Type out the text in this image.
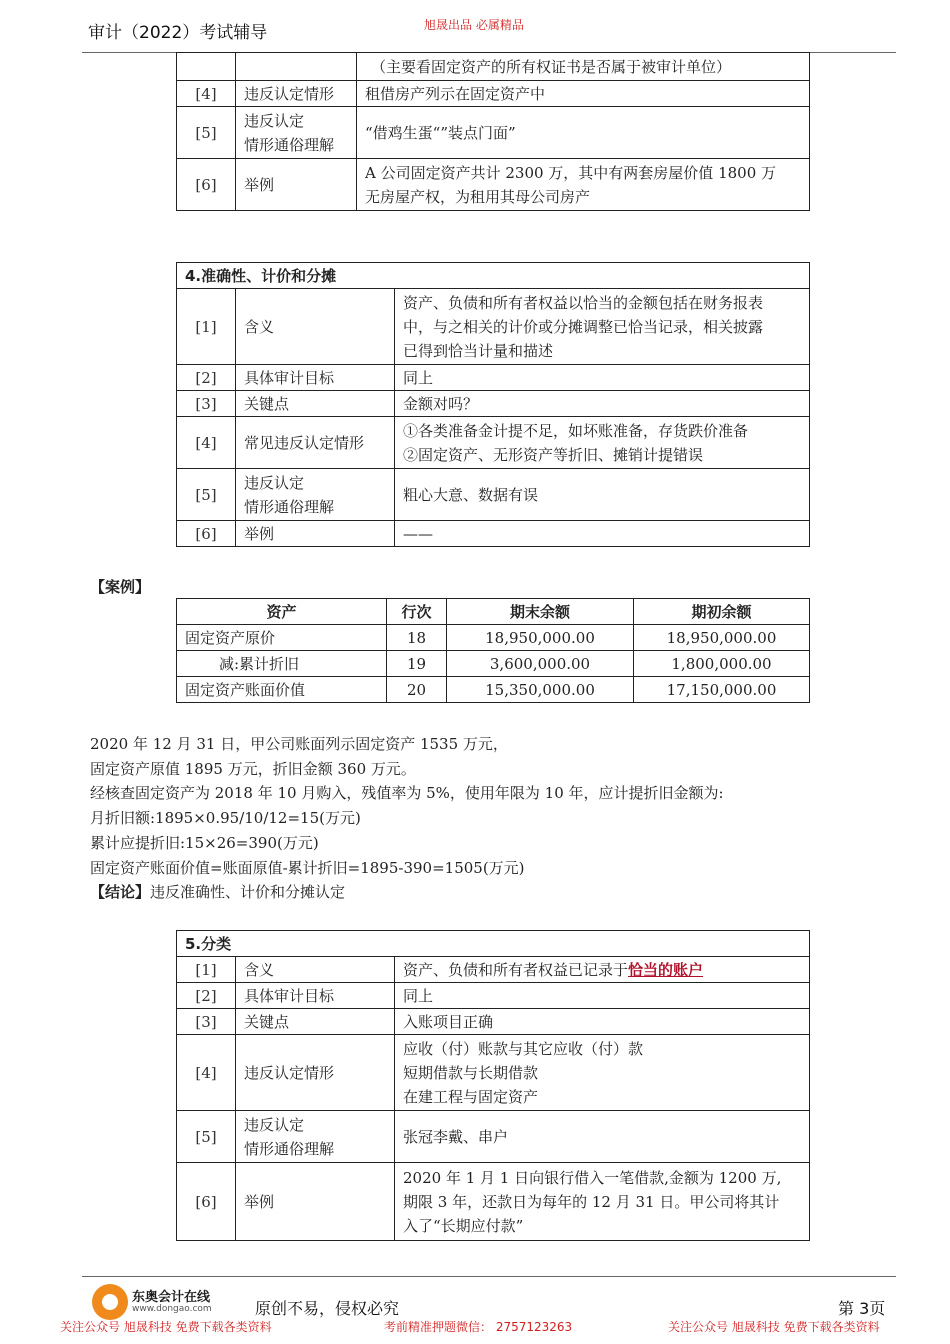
审计（2022）考试辅导	旭晟出品 必属精品

		（主要看固定资产的所有权证书是否属于被审计单位）

[4]	违反认定情形	租借房产列示在固定资产中

[5]	违反认定
情形通俗理解	“借鸡生蛋“”装点门面”

[6]	举例	A 公司固定资产共计 2300 万，其中有两套房屋价值 1800 万
无房屋产权，为租用其母公司房产
4.准确性、计价和分摊		
[1]	含义	资产、负债和所有者权益以恰当的金额包括在财务报表
中，与之相关的计价或分摊调整已恰当记录，相关披露
已得到恰当计量和描述

[2]	具体审计目标	同上

[3]	关键点	金额对吗？

[4]	常见违反认定情形	①各类准备金计提不足，如坏账准备，存货跌价准备
②固定资产、无形资产等折旧、摊销计提错误

[5]	违反认定
情形通俗理解	粗心大意、数据有误

[6]	举例	——
【案例】
资产	行次	期末余额	期初余额
固定资产原价	18	18,950,000.00	18,950,000.00
减:累计折旧	19	3,600,000.00	1,800,000.00
固定资产账面价值	20	15,350,000.00	17,150,000.00
2020 年 12 月 31 日，甲公司账面列示固定资产 1535 万元，
固定资产原值 1895 万元，折旧金额 360 万元。
经核查固定资产为 2018 年 10 月购入，残值率为 5%，使用年限为 10 年，应计提折旧金额为:
月折旧额:1895×0.95/10/12=15(万元)
累计应提折旧:15×26=390(万元)
固定资产账面价值=账面原值-累计折旧=1895-390=1505(万元)
【结论】违反准确性、计价和分摊认定
5.分类		
[1]	含义	资产、负债和所有者权益已记录于恰当的账户
[2]	具体审计目标	同上

[3]	关键点	入账项目正确

[4]	违反认定情形	应收（付）账款与其它应收（付）款
短期借款与长期借款
在建工程与固定资产

[5]	违反认定
情形通俗理解	张冠李戴、串户

[6]	举例	2020 年 1 月 1 日向银行借入一笔借款,金额为 1200 万,
期限 3 年，还款日为每年的 12 月 31 日。甲公司将其计
入了“长期应付款”
东奥会计在线
www.dongao.com	原创不易，侵权必究	第 3页
关注公众号 旭晟科技 免费下载各类资料	考前精准押题微信： 2757123263	关注公众号 旭晟科技 免费下载各类资料
